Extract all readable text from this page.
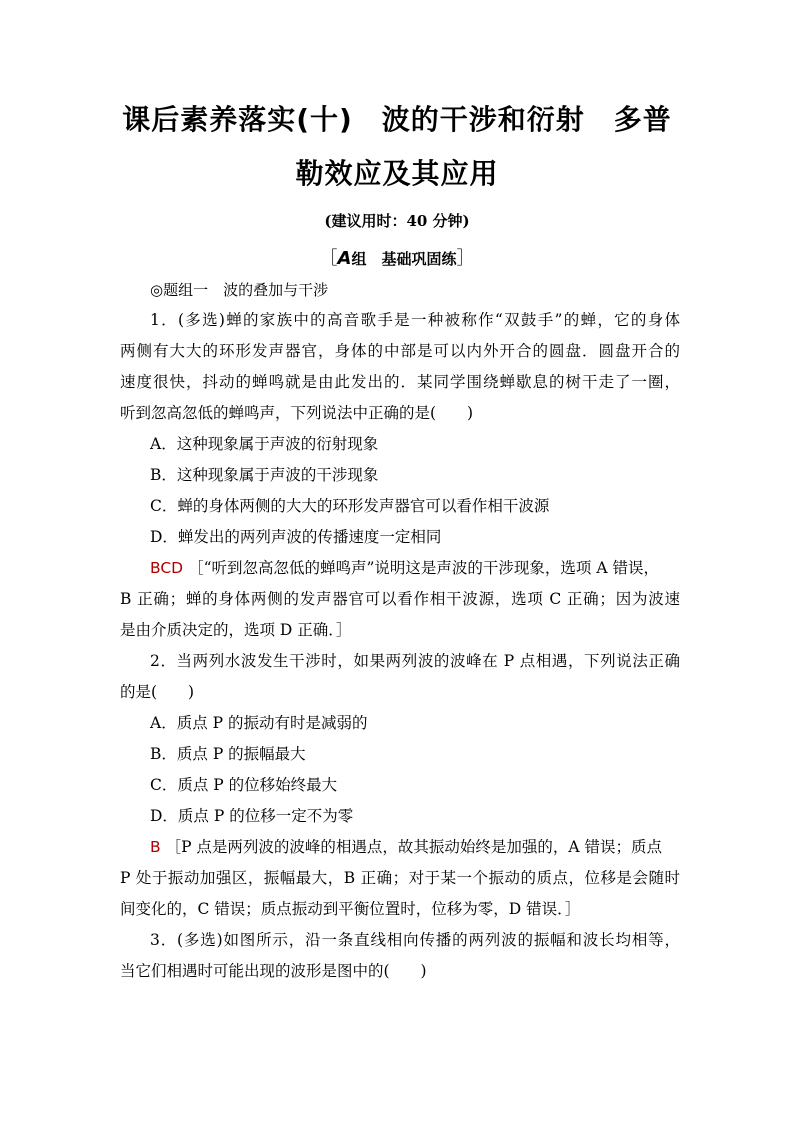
课后素养落实(十)　波的干涉和衍射　多普
勒效应及其应用
(建议用时：40 分钟)
［A组　基础巩固练］
◎题组一　波的叠加与干涉
1．(多选)蝉的家族中的高音歌手是一种被称作“双鼓手”的蝉，它的身体
两侧有大大的环形发声器官，身体的中部是可以内外开合的圆盘．圆盘开合的
速度很快，抖动的蝉鸣就是由此发出的．某同学围绕蝉歇息的树干走了一圈，
听到忽高忽低的蝉鸣声，下列说法中正确的是(　　)
A．这种现象属于声波的衍射现象
B．这种现象属于声波的干涉现象
C．蝉的身体两侧的大大的环形发声器官可以看作相干波源
D．蝉发出的两列声波的传播速度一定相同
BCD ［“听到忽高忽低的蝉鸣声”说明这是声波的干涉现象，选项 A 错误，
B 正确；蝉的身体两侧的发声器官可以看作相干波源，选项 C 正确；因为波速
是由介质决定的，选项 D 正确．］
2．当两列水波发生干涉时，如果两列波的波峰在 P 点相遇，下列说法正确
的是(　　)
A．质点 P 的振动有时是减弱的
B．质点 P 的振幅最大
C．质点 P 的位移始终最大
D．质点 P 的位移一定不为零
B ［P 点是两列波的波峰的相遇点，故其振动始终是加强的，A 错误；质点
P 处于振动加强区，振幅最大，B 正确；对于某一个振动的质点，位移是会随时
间变化的，C 错误；质点振动到平衡位置时，位移为零，D 错误．］
3．(多选)如图所示，沿一条直线相向传播的两列波的振幅和波长均相等，
当它们相遇时可能出现的波形是图中的(　　)
